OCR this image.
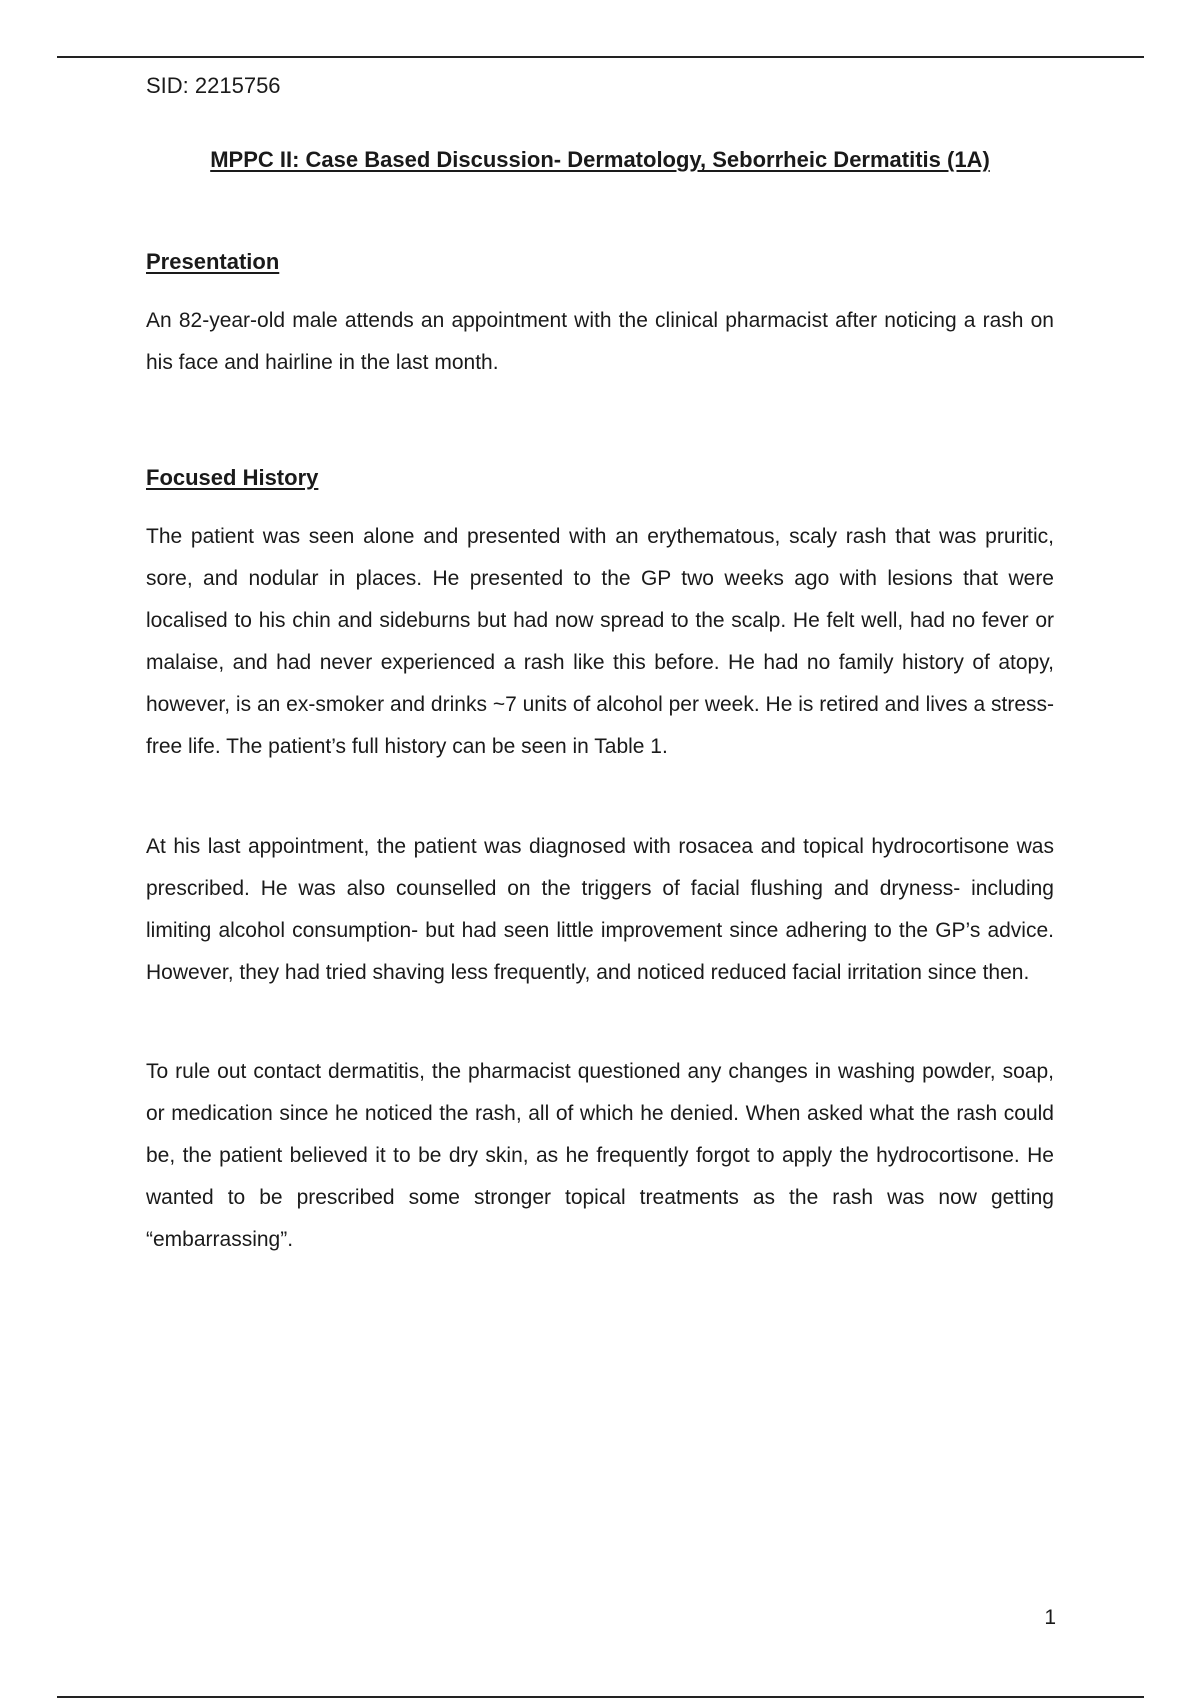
SID: 2215756
MPPC II: Case Based Discussion- Dermatology, Seborrheic Dermatitis (1A)
Presentation

An 82-year-old male attends an appointment with the clinical pharmacist after noticing a rash on his face and hairline in the last month.

Focused History

The patient was seen alone and presented with an erythematous, scaly rash that was pruritic, sore, and nodular in places. He presented to the GP two weeks ago with lesions that were localised to his chin and sideburns but had now spread to the scalp. He felt well, had no fever or malaise, and had never experienced a rash like this before. He had no family history of atopy, however, is an ex-smoker and drinks ~7 units of alcohol per week. He is retired and lives a stress-free life. The patient’s full history can be seen in Table 1.

At his last appointment, the patient was diagnosed with rosacea and topical hydrocortisone was prescribed. He was also counselled on the triggers of facial flushing and dryness- including limiting alcohol consumption- but had seen little improvement since adhering to the GP’s advice. However, they had tried shaving less frequently, and noticed reduced facial irritation since then.

To rule out contact dermatitis, the pharmacist questioned any changes in washing powder, soap, or medication since he noticed the rash, all of which he denied. When asked what the rash could be, the patient believed it to be dry skin, as he frequently forgot to apply the hydrocortisone. He wanted to be prescribed some stronger topical treatments as the rash was now getting “embarrassing”.

1
